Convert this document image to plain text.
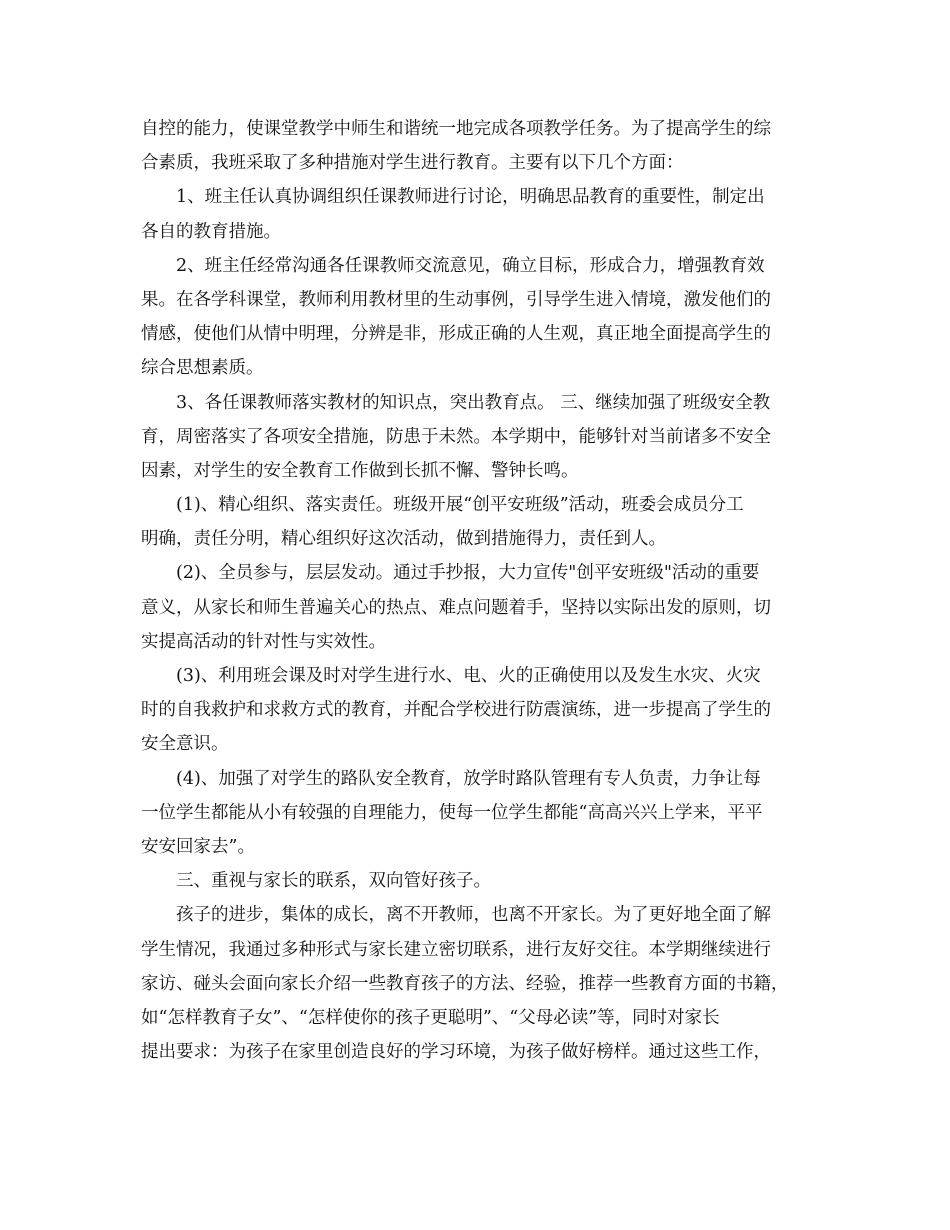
自控的能力，使课堂教学中师生和谐统一地完成各项教学任务。为了提高学生的综
合素质，我班采取了多种措施对学生进行教育。主要有以下几个方面：
1、班主任认真协调组织任课教师进行讨论，明确思品教育的重要性，制定出
各自的教育措施。
2、班主任经常沟通各任课教师交流意见，确立目标，形成合力，增强教育效
果。在各学科课堂，教师利用教材里的生动事例，引导学生进入情境，激发他们的
情感，使他们从情中明理，分辨是非，形成正确的人生观，真正地全面提高学生的
综合思想素质。
3、各任课教师落实教材的知识点，突出教育点。 三、继续加强了班级安全教
育，周密落实了各项安全措施，防患于未然。本学期中，能够针对当前诸多不安全
因素，对学生的安全教育工作做到长抓不懈、警钟长鸣。
(1)、精心组织、落实责任。班级开展“创平安班级”活动，班委会成员分工
明确，责任分明，精心组织好这次活动，做到措施得力，责任到人。
(2)、全员参与，层层发动。通过手抄报，大力宣传"创平安班级"活动的重要
意义，从家长和师生普遍关心的热点、难点问题着手，坚持以实际出发的原则，切
实提高活动的针对性与实效性。
(3)、利用班会课及时对学生进行水、电、火的正确使用以及发生水灾、火灾
时的自我救护和求救方式的教育，并配合学校进行防震演练，进一步提高了学生的
安全意识。
(4)、加强了对学生的路队安全教育，放学时路队管理有专人负责，力争让每
一位学生都能从小有较强的自理能力，使每一位学生都能“高高兴兴上学来，平平
安安回家去”。
三、重视与家长的联系，双向管好孩子。
孩子的进步，集体的成长，离不开教师，也离不开家长。为了更好地全面了解
学生情况，我通过多种形式与家长建立密切联系，进行友好交往。本学期继续进行
家访、碰头会面向家长介绍一些教育孩子的方法、经验，推荐一些教育方面的书籍，
如“怎样教育子女”、“怎样使你的孩子更聪明”、“父母必读”等，同时对家长
提出要求：为孩子在家里创造良好的学习环境，为孩子做好榜样。通过这些工作，
